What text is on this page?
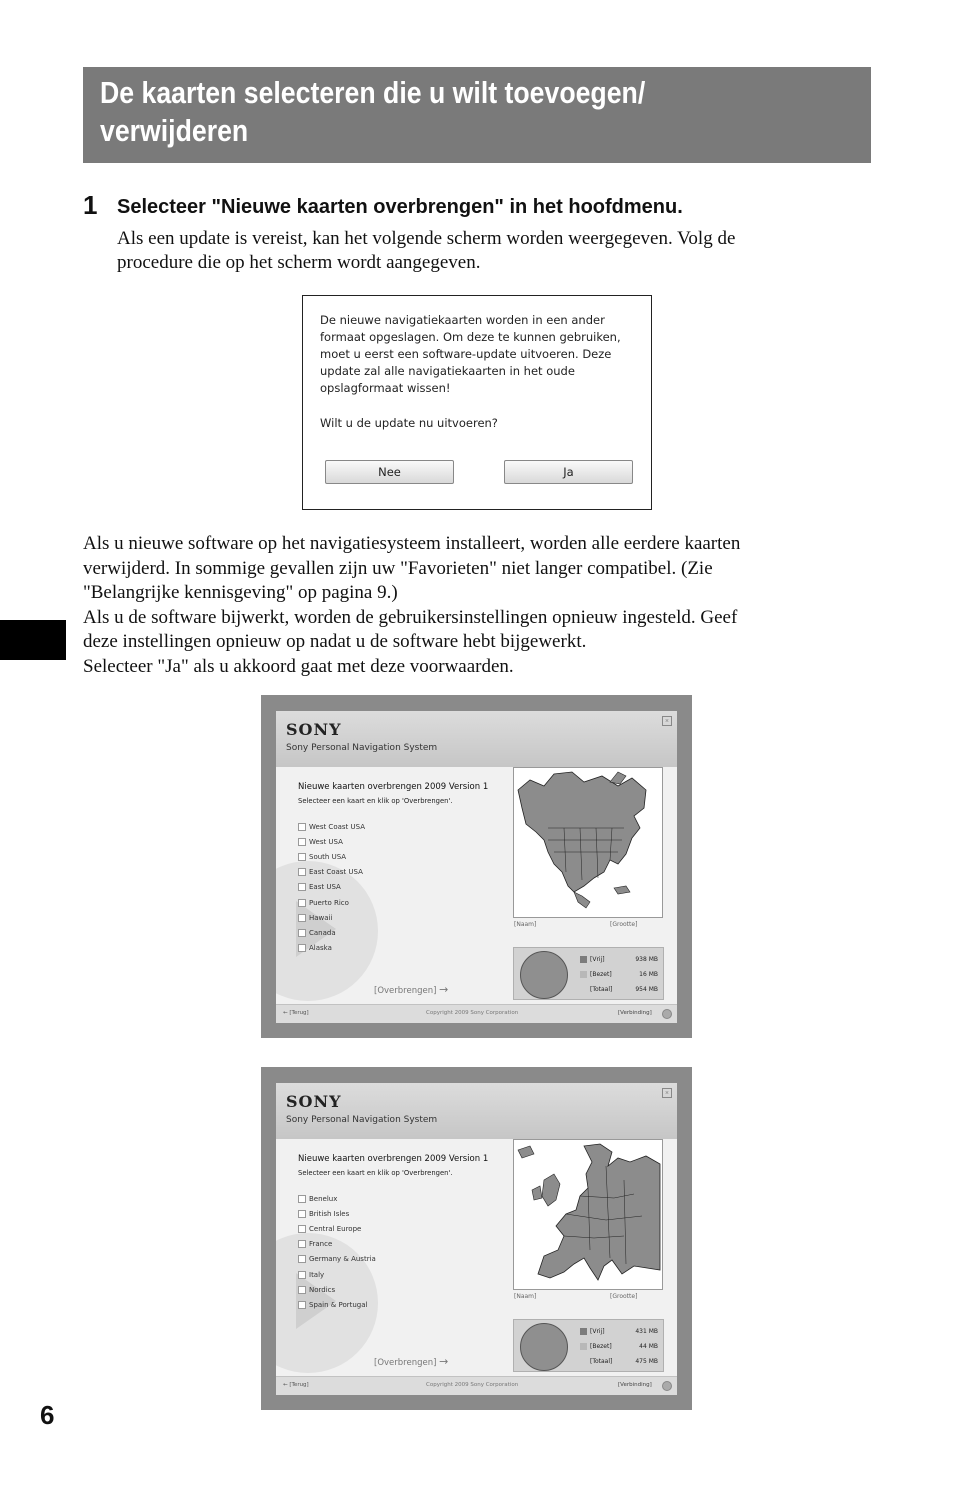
De kaarten selecteren die u wilt toevoegen/
verwijderen
1 Selecteer "Nieuwe kaarten overbrengen" in het hoofdmenu.
Als een update is vereist, kan het volgende scherm worden weergegeven. Volg de
procedure die op het scherm wordt aangegeven.
De nieuwe navigatiekaarten worden in een ander
formaat opgeslagen. Om deze te kunnen gebruiken,
moet u eerst een software-update uitvoeren. Deze
update zal alle navigatiekaarten in het oude
opslagformaat wissen!
Wilt u de update nu uitvoeren?
Nee	Ja
Als u nieuwe software op het navigatiesysteem installeert, worden alle eerdere kaarten
verwijderd. In sommige gevallen zijn uw "Favorieten" niet langer compatibel. (Zie
"Belangrijke kennisgeving" op pagina 9.)
Als u de software bijwerkt, worden de gebruikersinstellingen opnieuw ingesteld. Geef
deze instellingen opnieuw op nadat u de software hebt bijgewerkt.
Selecteer "Ja" als u akkoord gaat met deze voorwaarden.
SONY
Sony Personal Navigation System
×
Nieuwe kaarten overbrengen 2009 Version 1
Selecteer een kaart en klik op 'Overbrengen'.
West Coast USA
West USA
South USA
East Coast USA
East USA
Puerto Rico
Hawaii
Canada
Alaska
[Naam]	[Grootte]
[Vrij]	938 MB
[Bezet]	16 MB
[Totaal]	954 MB
[Overbrengen] →
← [Terug]	Copyright 2009 Sony Corporation	[Verbinding]
SONY
Sony Personal Navigation System
×
Nieuwe kaarten overbrengen 2009 Version 1
Selecteer een kaart en klik op 'Overbrengen'.
Benelux
British Isles
Central Europe
France
Germany & Austria
Italy
Nordics
Spain & Portugal
[Naam]	[Grootte]
[Vrij]	431 MB
[Bezet]	44 MB
[Totaal]	475 MB
[Overbrengen] →
← [Terug]	Copyright 2009 Sony Corporation	[Verbinding]
6
